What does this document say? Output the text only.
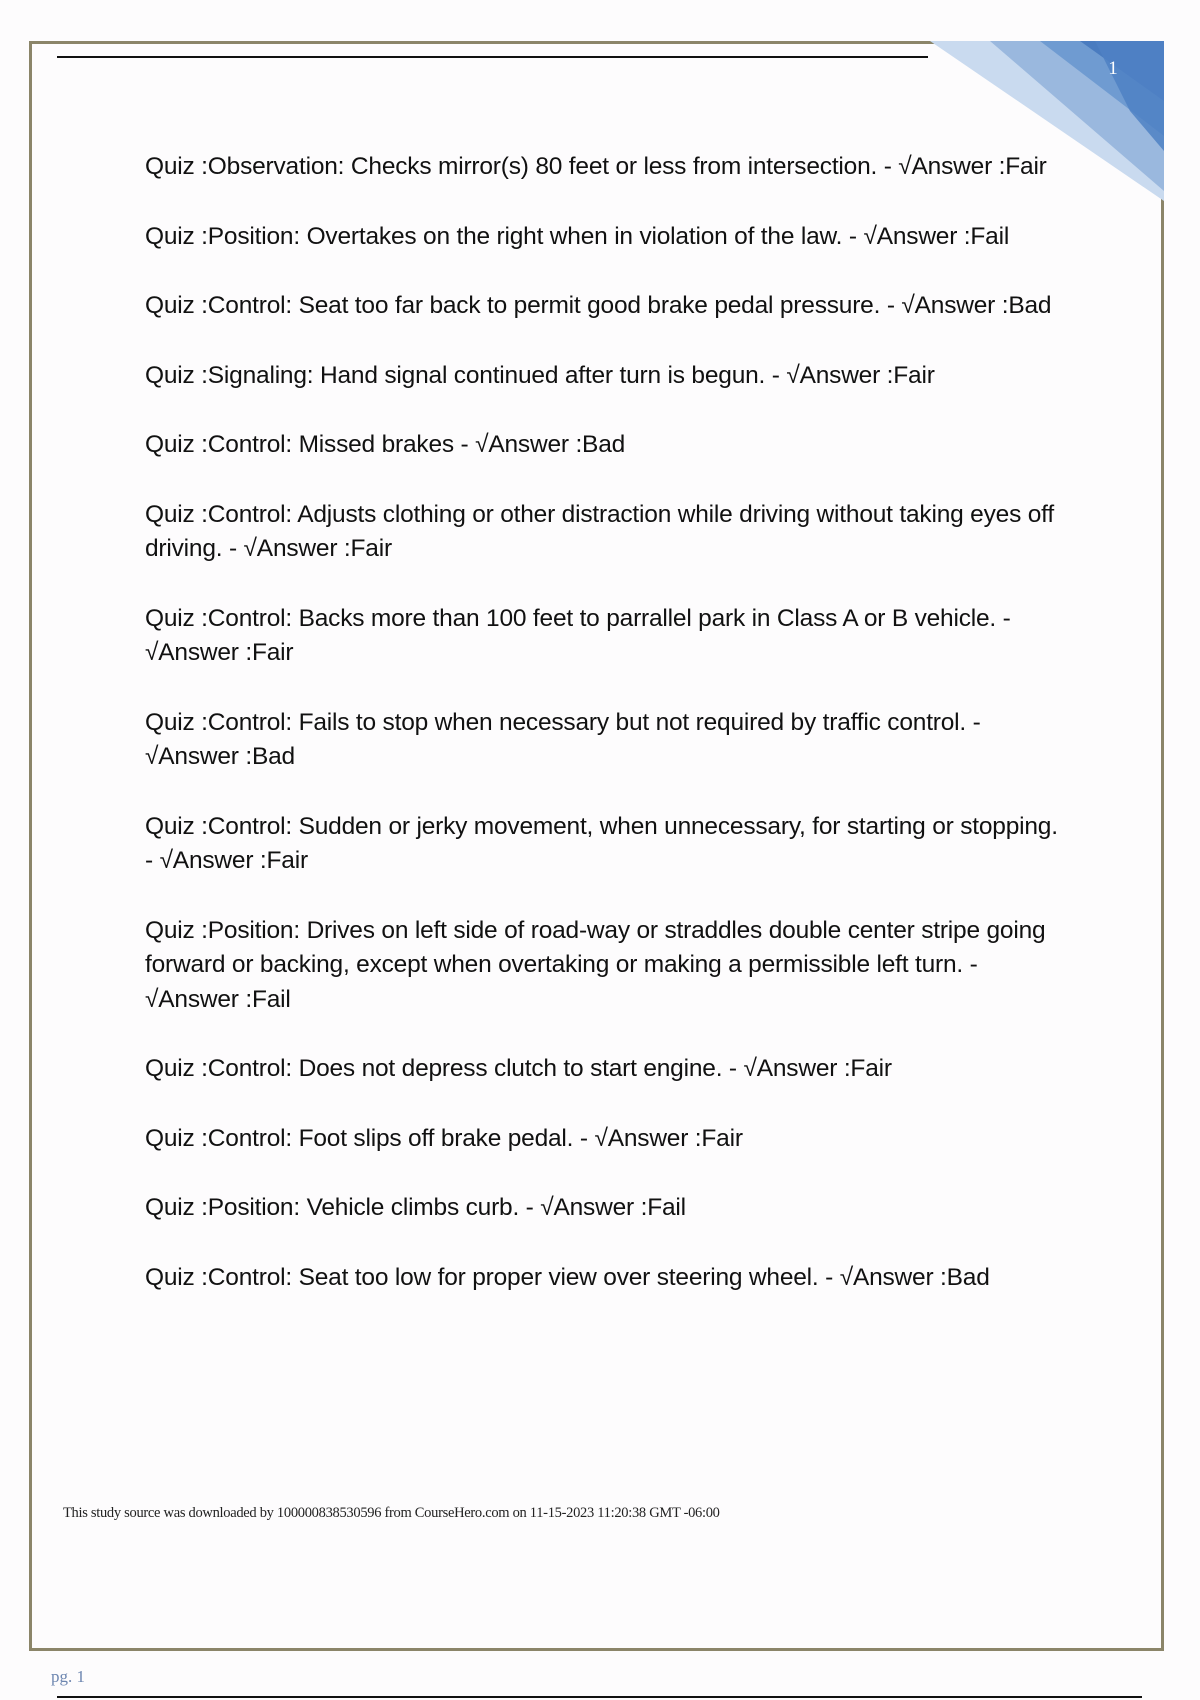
1

Quiz :Observation: Checks mirror(s) 80 feet or less from intersection. - √Answer :Fair

Quiz :Position: Overtakes on the right when in violation of the law. - √Answer :Fail

Quiz :Control: Seat too far back to permit good brake pedal pressure. - √Answer :Bad

Quiz :Signaling: Hand signal continued after turn is begun. - √Answer :Fair

Quiz :Control: Missed brakes - √Answer :Bad

Quiz :Control: Adjusts clothing or other distraction while driving without taking eyes off driving. - √Answer :Fair

Quiz :Control: Backs more than 100 feet to parrallel park in Class A or B vehicle. - √Answer :Fair

Quiz :Control: Fails to stop when necessary but not required by traffic control. - √Answer :Bad

Quiz :Control: Sudden or jerky movement, when unnecessary, for starting or stopping. - √Answer :Fair

Quiz :Position: Drives on left side of road-way or straddles double center stripe going forward or backing, except when overtaking or making a permissible left turn. - √Answer :Fail

Quiz :Control: Does not depress clutch to start engine. - √Answer :Fair

Quiz :Control: Foot slips off brake pedal. - √Answer :Fair

Quiz :Position: Vehicle climbs curb. - √Answer :Fail

Quiz :Control: Seat too low for proper view over steering wheel. - √Answer :Bad

This study source was downloaded by 100000838530596 from CourseHero.com on 11-15-2023 11:20:38 GMT -06:00
pg. 1
